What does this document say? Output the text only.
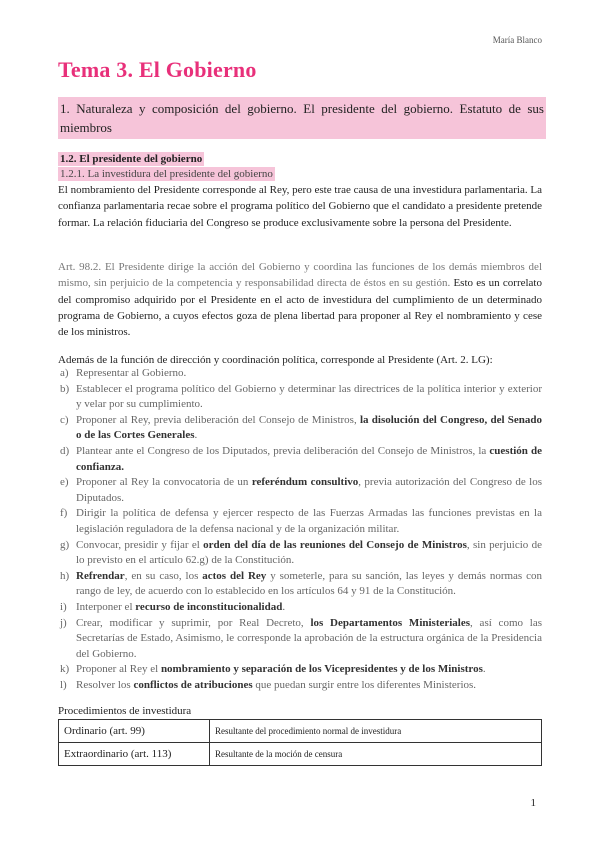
María Blanco
Tema 3. El Gobierno
1. Naturaleza y composición del gobierno. El presidente del gobierno. Estatuto de sus miembros
1.2. El presidente del gobierno
1.2.1. La investidura del presidente del gobierno
El nombramiento del Presidente corresponde al Rey, pero este trae causa de una investidura parlamentaria. La confianza parlamentaria recae sobre el programa político del Gobierno que el candidato a presidente pretende formar. La relación fiduciaria del Congreso se produce exclusivamente sobre la persona del Presidente.
Art. 98.2. El Presidente dirige la acción del Gobierno y coordina las funciones de los demás miembros del mismo, sin perjuicio de la competencia y responsabilidad directa de éstos en su gestión. Esto es un correlato del compromiso adquirido por el Presidente en el acto de investidura del cumplimiento de un determinado programa de Gobierno, a cuyos efectos goza de plena libertad para proponer al Rey el nombramiento y cese de los ministros.
Además de la función de dirección y coordinación política, corresponde al Presidente (Art. 2. LG):
a) Representar al Gobierno.
b) Establecer el programa político del Gobierno y determinar las directrices de la política interior y exterior y velar por su cumplimiento.
c) Proponer al Rey, previa deliberación del Consejo de Ministros, la disolución del Congreso, del Senado o de las Cortes Generales.
d) Plantear ante el Congreso de los Diputados, previa deliberación del Consejo de Ministros, la cuestión de confianza.
e) Proponer al Rey la convocatoria de un referéndum consultivo, previa autorización del Congreso de los Diputados.
f) Dirigir la política de defensa y ejercer respecto de las Fuerzas Armadas las funciones previstas en la legislación reguladora de la defensa nacional y de la organización militar.
g) Convocar, presidir y fijar el orden del día de las reuniones del Consejo de Ministros, sin perjuicio de lo previsto en el artículo 62.g) de la Constitución.
h) Refrendar, en su caso, los actos del Rey y someterle, para su sanción, las leyes y demás normas con rango de ley, de acuerdo con lo establecido en los artículos 64 y 91 de la Constitución.
i) Interponer el recurso de inconstitucionalidad.
j) Crear, modificar y suprimir, por Real Decreto, los Departamentos Ministeriales, así como las Secretarías de Estado, Asimismo, le corresponde la aprobación de la estructura orgánica de la Presidencia del Gobierno.
k) Proponer al Rey el nombramiento y separación de los Vicepresidentes y de los Ministros.
l) Resolver los conflictos de atribuciones que puedan surgir entre los diferentes Ministerios.
Procedimientos de investidura
Ordinario (art. 99)	Resultante del procedimiento normal de investidura
Extraordinario (art. 113)	Resultante de la moción de censura
1
